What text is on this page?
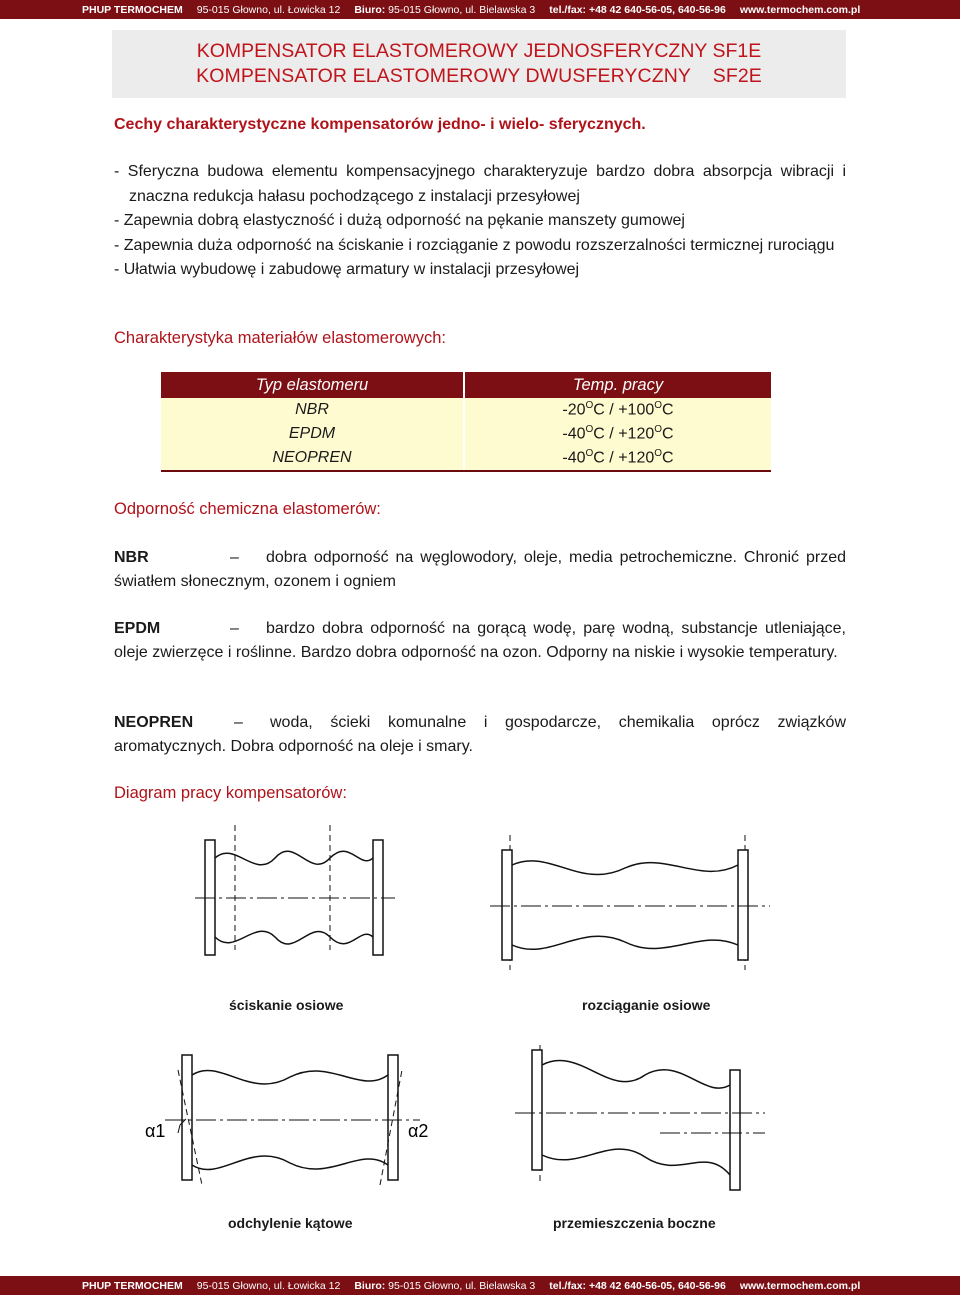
PHUP TERMOCHEM 95-015 Głowno, ul. Łowicka 12 Biuro: 95-015 Głowno, ul. Bielawska 3 tel./fax: +48 42 640-56-05, 640-56-96 www.termochem.com.pl
KOMPENSATOR ELASTOMEROWY JEDNOSFERYCZNY SF1E
KOMPENSATOR ELASTOMEROWY DWUSFERYCZNY    SF2E
Cechy charakterystyczne kompensatorów jedno- i wielo- sferycznych.
- Sferyczna budowa elementu kompensacyjnego charakteryzuje bardzo dobra absorpcja wibracji i znaczna redukcja hałasu pochodzącego z instalacji przesyłowej
- Zapewnia dobrą elastyczność i dużą odporność na pękanie manszety gumowej
- Zapewnia duża odporność na ściskanie i rozciąganie z powodu rozszerzalności termicznej rurociągu
- Ułatwia wybudowę i zabudowę armatury w instalacji przesyłowej
Charakterystyka materiałów elastomerowych:
Typ elastomeru	Temp. pracy
NBR	$-20^OC / +100^OC$
EPDM	$-40^OC / +120^OC$
NEOPREN	$-40^OC / +120^OC$
Odporność chemiczna elastomerów:
NBR	– dobra odporność na węglowodory, oleje, media petrochemiczne. Chronić przed światłem słonecznym, ozonem i ogniem
EPDM	– bardzo dobra odporność na gorącą wodę, parę wodną, substancje utleniające, oleje zwierzęce i roślinne. Bardzo dobra odporność na ozon. Odporny na niskie i wysokie temperatury.
NEOPREN	– woda, ścieki komunalne i gospodarcze, chemikalia oprócz związków aromatycznych. Dobra odporność na oleje i smary.
Diagram pracy kompensatorów:
ściskanie osiowe	rozciąganie osiowe
α1	α2
odchylenie kątowe	przemieszczenia boczne
PHUP TERMOCHEM 95-015 Głowno, ul. Łowicka 12 Biuro: 95-015 Głowno, ul. Bielawska 3 tel./fax: +48 42 640-56-05, 640-56-96 www.termochem.com.pl
